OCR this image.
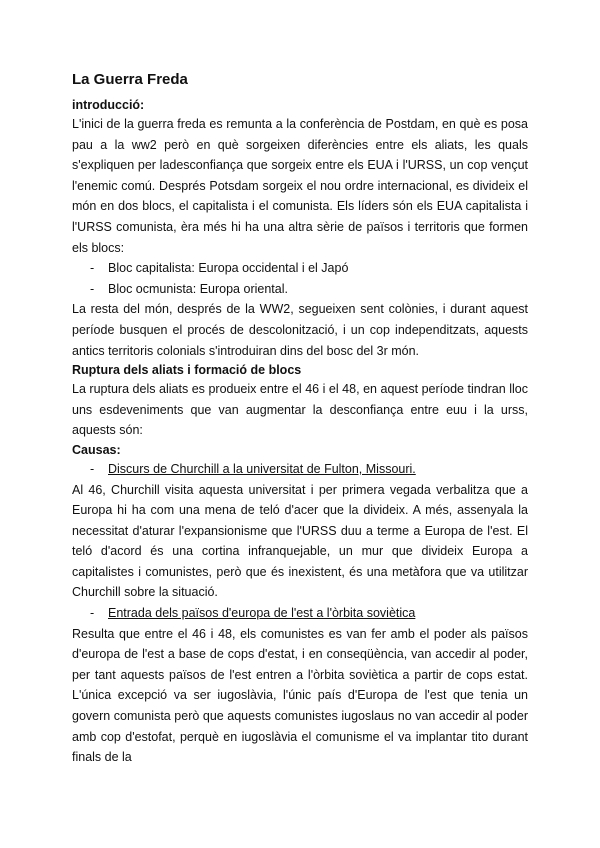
La Guerra Freda
introducció:

L'inici de la guerra freda es remunta a la conferència de Postdam, en què es posa pau a la ww2 però en què sorgeixen diferències entre els aliats, les quals s'expliquen per ladesconfiança que sorgeix entre els EUA i l'URSS, un cop vençut l'enemic comú. Després Potsdam sorgeix el nou ordre internacional, es divideix el món en dos blocs, el capitalista i el comunista. Els líders són els EUA capitalista i l'URSS comunista, èra més hi ha una altra sèrie de països i territoris que formen els blocs:

-	Bloc capitalista: Europa occidental i el Japó
-	Bloc ocmunista: Europa oriental.

La resta del món, després de la WW2, segueixen sent colònies, i durant aquest període busquen el procés de descolonització, i un cop independitzats, aquests antics territoris colonials s'introduiran dins del bosc del 3r món.

Ruptura dels aliats i formació de blocs

La ruptura dels aliats es produeix entre el 46 i el 48, en aquest període tindran lloc uns esdeveniments que van augmentar la desconfiança entre euu i la urss, aquests són:

Causas:
-	Discurs de Churchill a la universitat de Fulton, Missouri.

Al 46, Churchill visita aquesta universitat i per primera vegada verbalitza que a Europa hi ha com una mena de teló d'acer que la divideix. A més, assenyala la necessitat d'aturar l'expansionisme que l'URSS duu a terme a Europa de l'est. El teló d'acord és una cortina infranquejable, un mur que divideix Europa a capitalistes i comunistes, però que és inexistent, és una metàfora que va utilitzar Churchill sobre la situació.

-	Entrada dels països d'europa de l'est a l'òrbita soviètica

Resulta que entre el 46 i 48, els comunistes es van fer amb el poder als països d'europa de l'est a base de cops d'estat, i en conseqüència, van accedir al poder, per tant aquests països de l'est entren a l'òrbita soviètica a partir de cops estat. L'única excepció va ser iugoslàvia, l'únic país d'Europa de l'est que tenia un govern comunista però que aquests comunistes iugoslaus no van accedir al poder amb cop d'estofat, perquè en iugoslàvia el comunisme el va implantar tito durant finals de la
